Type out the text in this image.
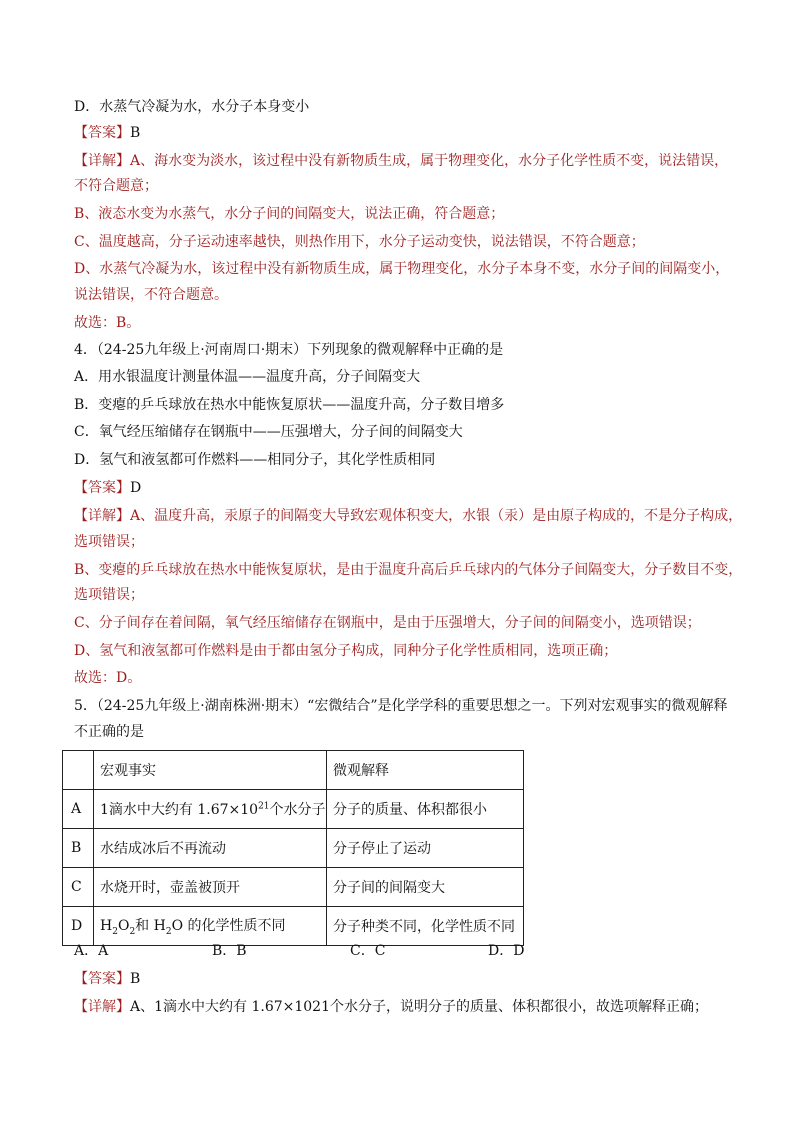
D．水蒸气冷凝为水，水分子本身变小
【答案】B
【详解】A、海水变为淡水，该过程中没有新物质生成，属于物理变化，水分子化学性质不变，说法错误，
不符合题意；
B、液态水变为水蒸气，水分子间的间隔变大，说法正确，符合题意；
C、温度越高，分子运动速率越快，则热作用下，水分子运动变快，说法错误，不符合题意；
D、水蒸气冷凝为水，该过程中没有新物质生成，属于物理变化，水分子本身不变，水分子间的间隔变小，
说法错误，不符合题意。
故选：B。
4．（24-25九年级上·河南周口·期末）下列现象的微观解释中正确的是
A．用水银温度计测量体温——温度升高，分子间隔变大
B．变瘪的乒乓球放在热水中能恢复原状——温度升高，分子数目增多
C．氧气经压缩储存在钢瓶中——压强增大，分子间的间隔变大
D．氢气和液氢都可作燃料——相同分子，其化学性质相同
【答案】D
【详解】A、温度升高，汞原子的间隔变大导致宏观体积变大，水银（汞）是由原子构成的，不是分子构成，
选项错误；
B、变瘪的乒乓球放在热水中能恢复原状，是由于温度升高后乒乓球内的气体分子间隔变大，分子数目不变，
选项错误；
C、分子间存在着间隔，氧气经压缩储存在钢瓶中，是由于压强增大，分子间的间隔变小，选项错误；
D、氢气和液氢都可作燃料是由于都由氢分子构成，同种分子化学性质相同，选项正确；
故选：D。
5．（24-25九年级上·湖南株洲·期末）“宏微结合”是化学学科的重要思想之一。下列对宏观事实的微观解释
不正确的是
	宏观事实	微观解释
A	1滴水中大约有 $1.67\times 10^{21}$个水分子	分子的质量、体积都很小
B	水结成冰后不再流动	分子停止了运动
C	水烧开时，壶盖被顶开	分子间的间隔变大
D	$H_2O_2$和 $H_2O$ 的化学性质不同	分子种类不同，化学性质不同
A．A	B．B	C．C	D．D
【答案】B
【详解】A、1滴水中大约有 1.67×1021个水分子，说明分子的质量、体积都很小，故选项解释正确；
